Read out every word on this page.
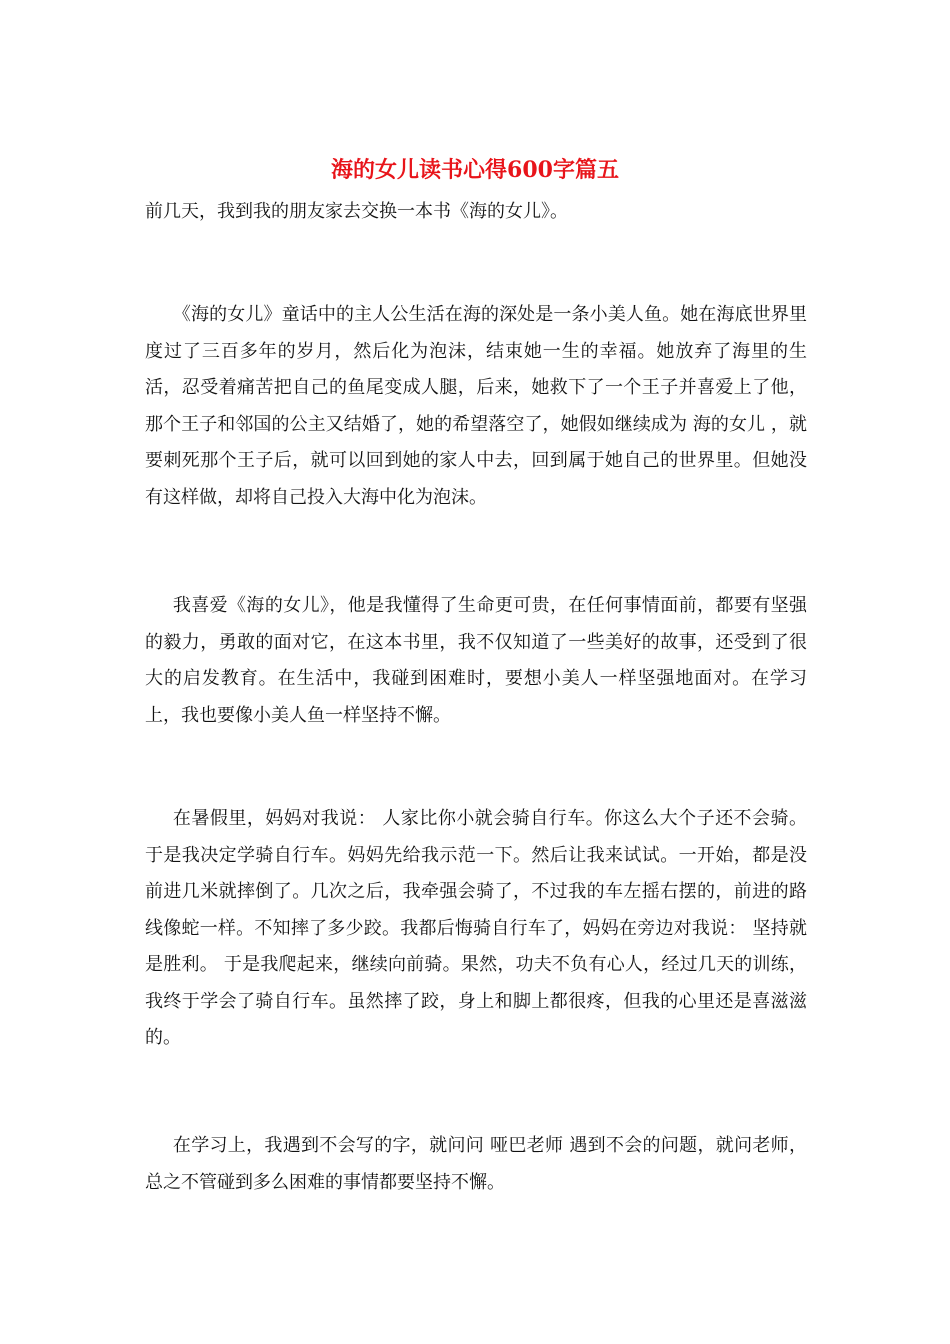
海的女儿读书心得600字篇五

前几天，我到我的朋友家去交换一本书《海的女儿》。

《海的女儿》童话中的主人公生活在海的深处是一条小美人鱼。她在海底世界里度过了三百多年的岁月，然后化为泡沫，结束她一生的幸福。她放弃了海里的生活，忍受着痛苦把自己的鱼尾变成人腿，后来，她救下了一个王子并喜爱上了他，那个王子和邻国的公主又结婚了，她的希望落空了，她假如继续成为 海的女儿 ，就要刺死那个王子后，就可以回到她的家人中去，回到属于她自己的世界里。但她没有这样做，却将自己投入大海中化为泡沫。

我喜爱《海的女儿》，他是我懂得了生命更可贵，在任何事情面前，都要有坚强的毅力，勇敢的面对它，在这本书里，我不仅知道了一些美好的故事，还受到了很大的启发教育。在生活中，我碰到困难时，要想小美人一样坚强地面对。在学习上，我也要像小美人鱼一样坚持不懈。

在暑假里，妈妈对我说： 人家比你小就会骑自行车。你这么大个子还不会骑。于是我决定学骑自行车。妈妈先给我示范一下。然后让我来试试。一开始，都是没前进几米就摔倒了。几次之后，我牵强会骑了，不过我的车左摇右摆的，前进的路线像蛇一样。不知摔了多少跤。我都后悔骑自行车了，妈妈在旁边对我说： 坚持就是胜利。 于是我爬起来，继续向前骑。果然，功夫不负有心人，经过几天的训练，我终于学会了骑自行车。虽然摔了跤，身上和脚上都很疼，但我的心里还是喜滋滋的。

在学习上，我遇到不会写的字，就问问 哑巴老师 遇到不会的问题，就问老师，总之不管碰到多么困难的事情都要坚持不懈。
